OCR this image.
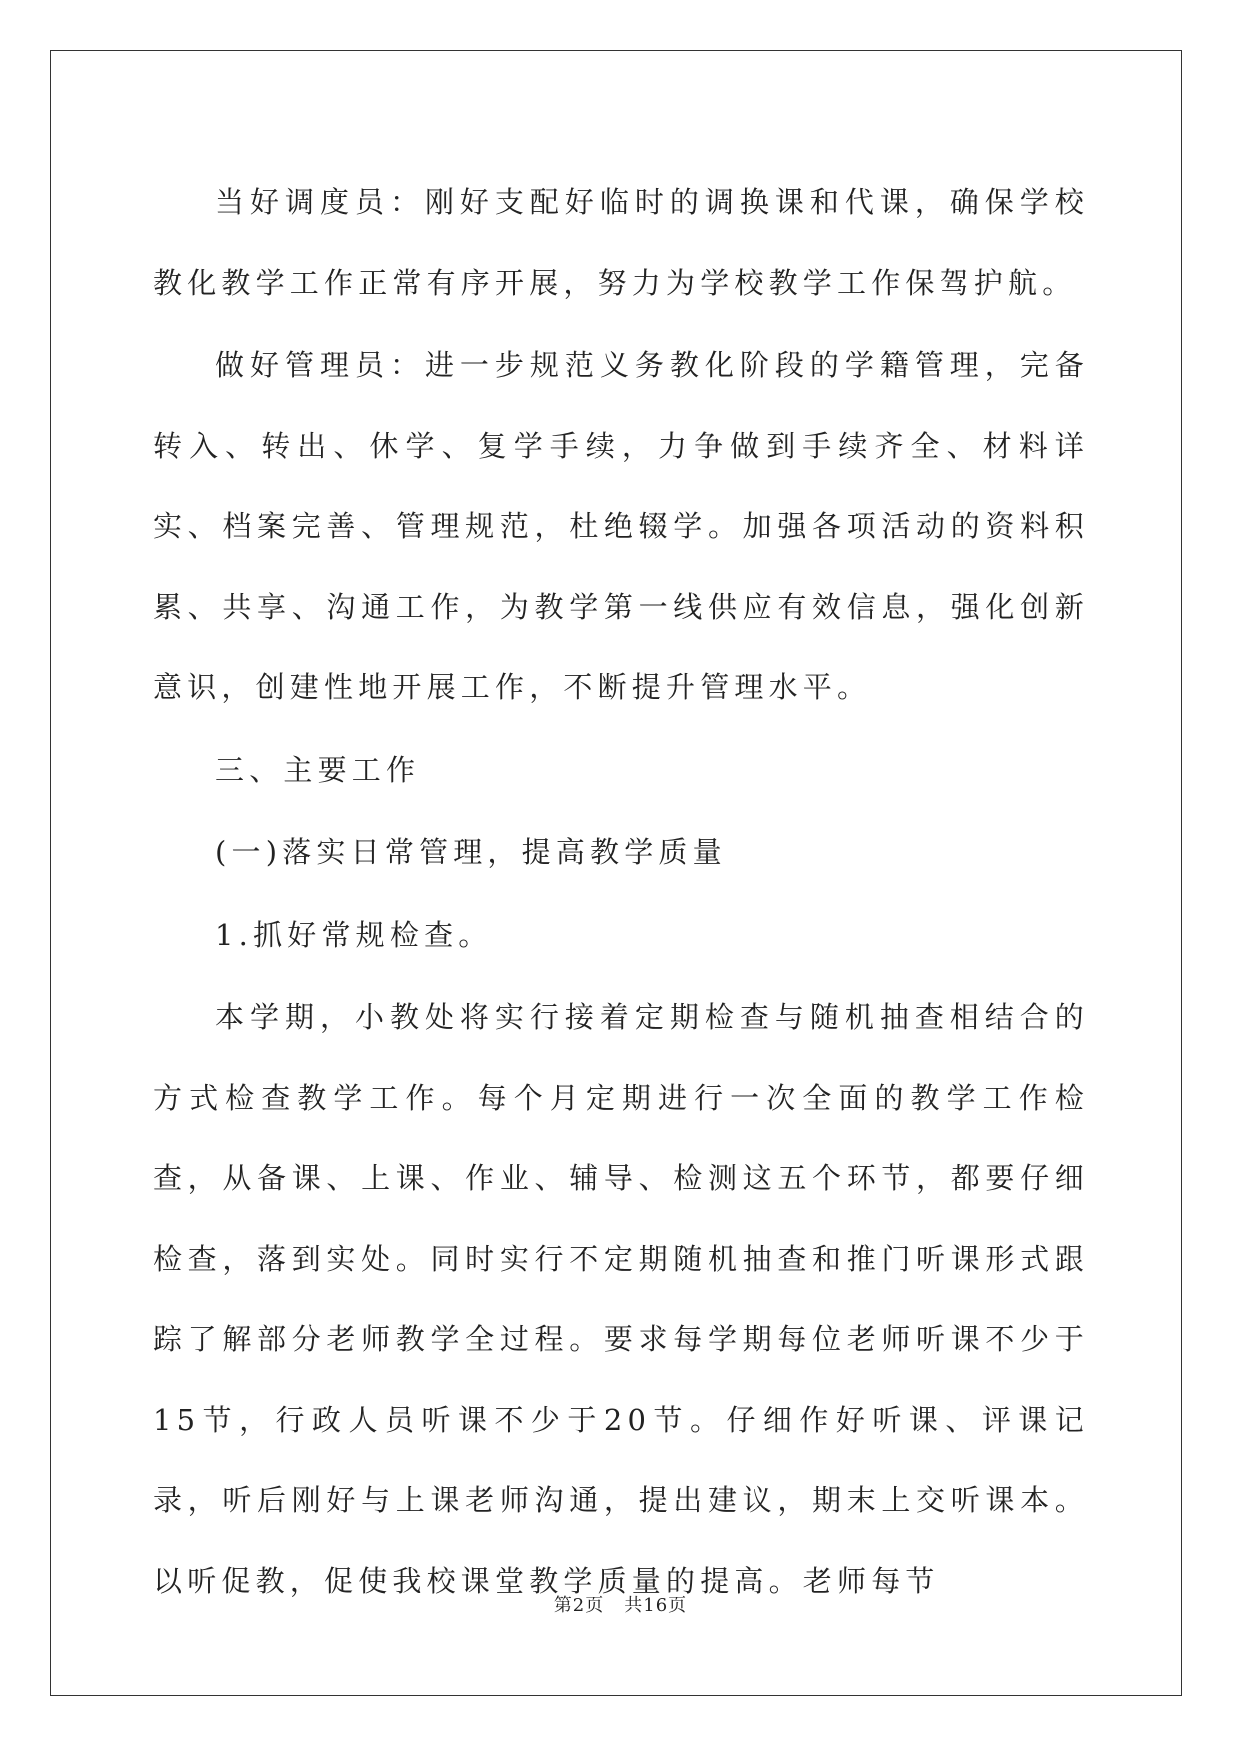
当好调度员：刚好支配好临时的调换课和代课，确保学校教化教学工作正常有序开展，努力为学校教学工作保驾护航。

做好管理员：进一步规范义务教化阶段的学籍管理，完备转入、转出、休学、复学手续，力争做到手续齐全、材料详实、档案完善、管理规范，杜绝辍学。加强各项活动的资料积累、共享、沟通工作，为教学第一线供应有效信息，强化创新意识，创建性地开展工作，不断提升管理水平。

三、主要工作

(一)落实日常管理，提高教学质量

1.抓好常规检查。

本学期，小教处将实行接着定期检查与随机抽查相结合的方式检查教学工作。每个月定期进行一次全面的教学工作检查，从备课、上课、作业、辅导、检测这五个环节，都要仔细检查，落到实处。同时实行不定期随机抽查和推门听课形式跟踪了解部分老师教学全过程。要求每学期每位老师听课不少于15节，行政人员听课不少于20节。仔细作好听课、评课记录，听后刚好与上课老师沟通，提出建议，期末上交听课本。以听促教，促使我校课堂教学质量的提高。老师每节

第2页 共16页
